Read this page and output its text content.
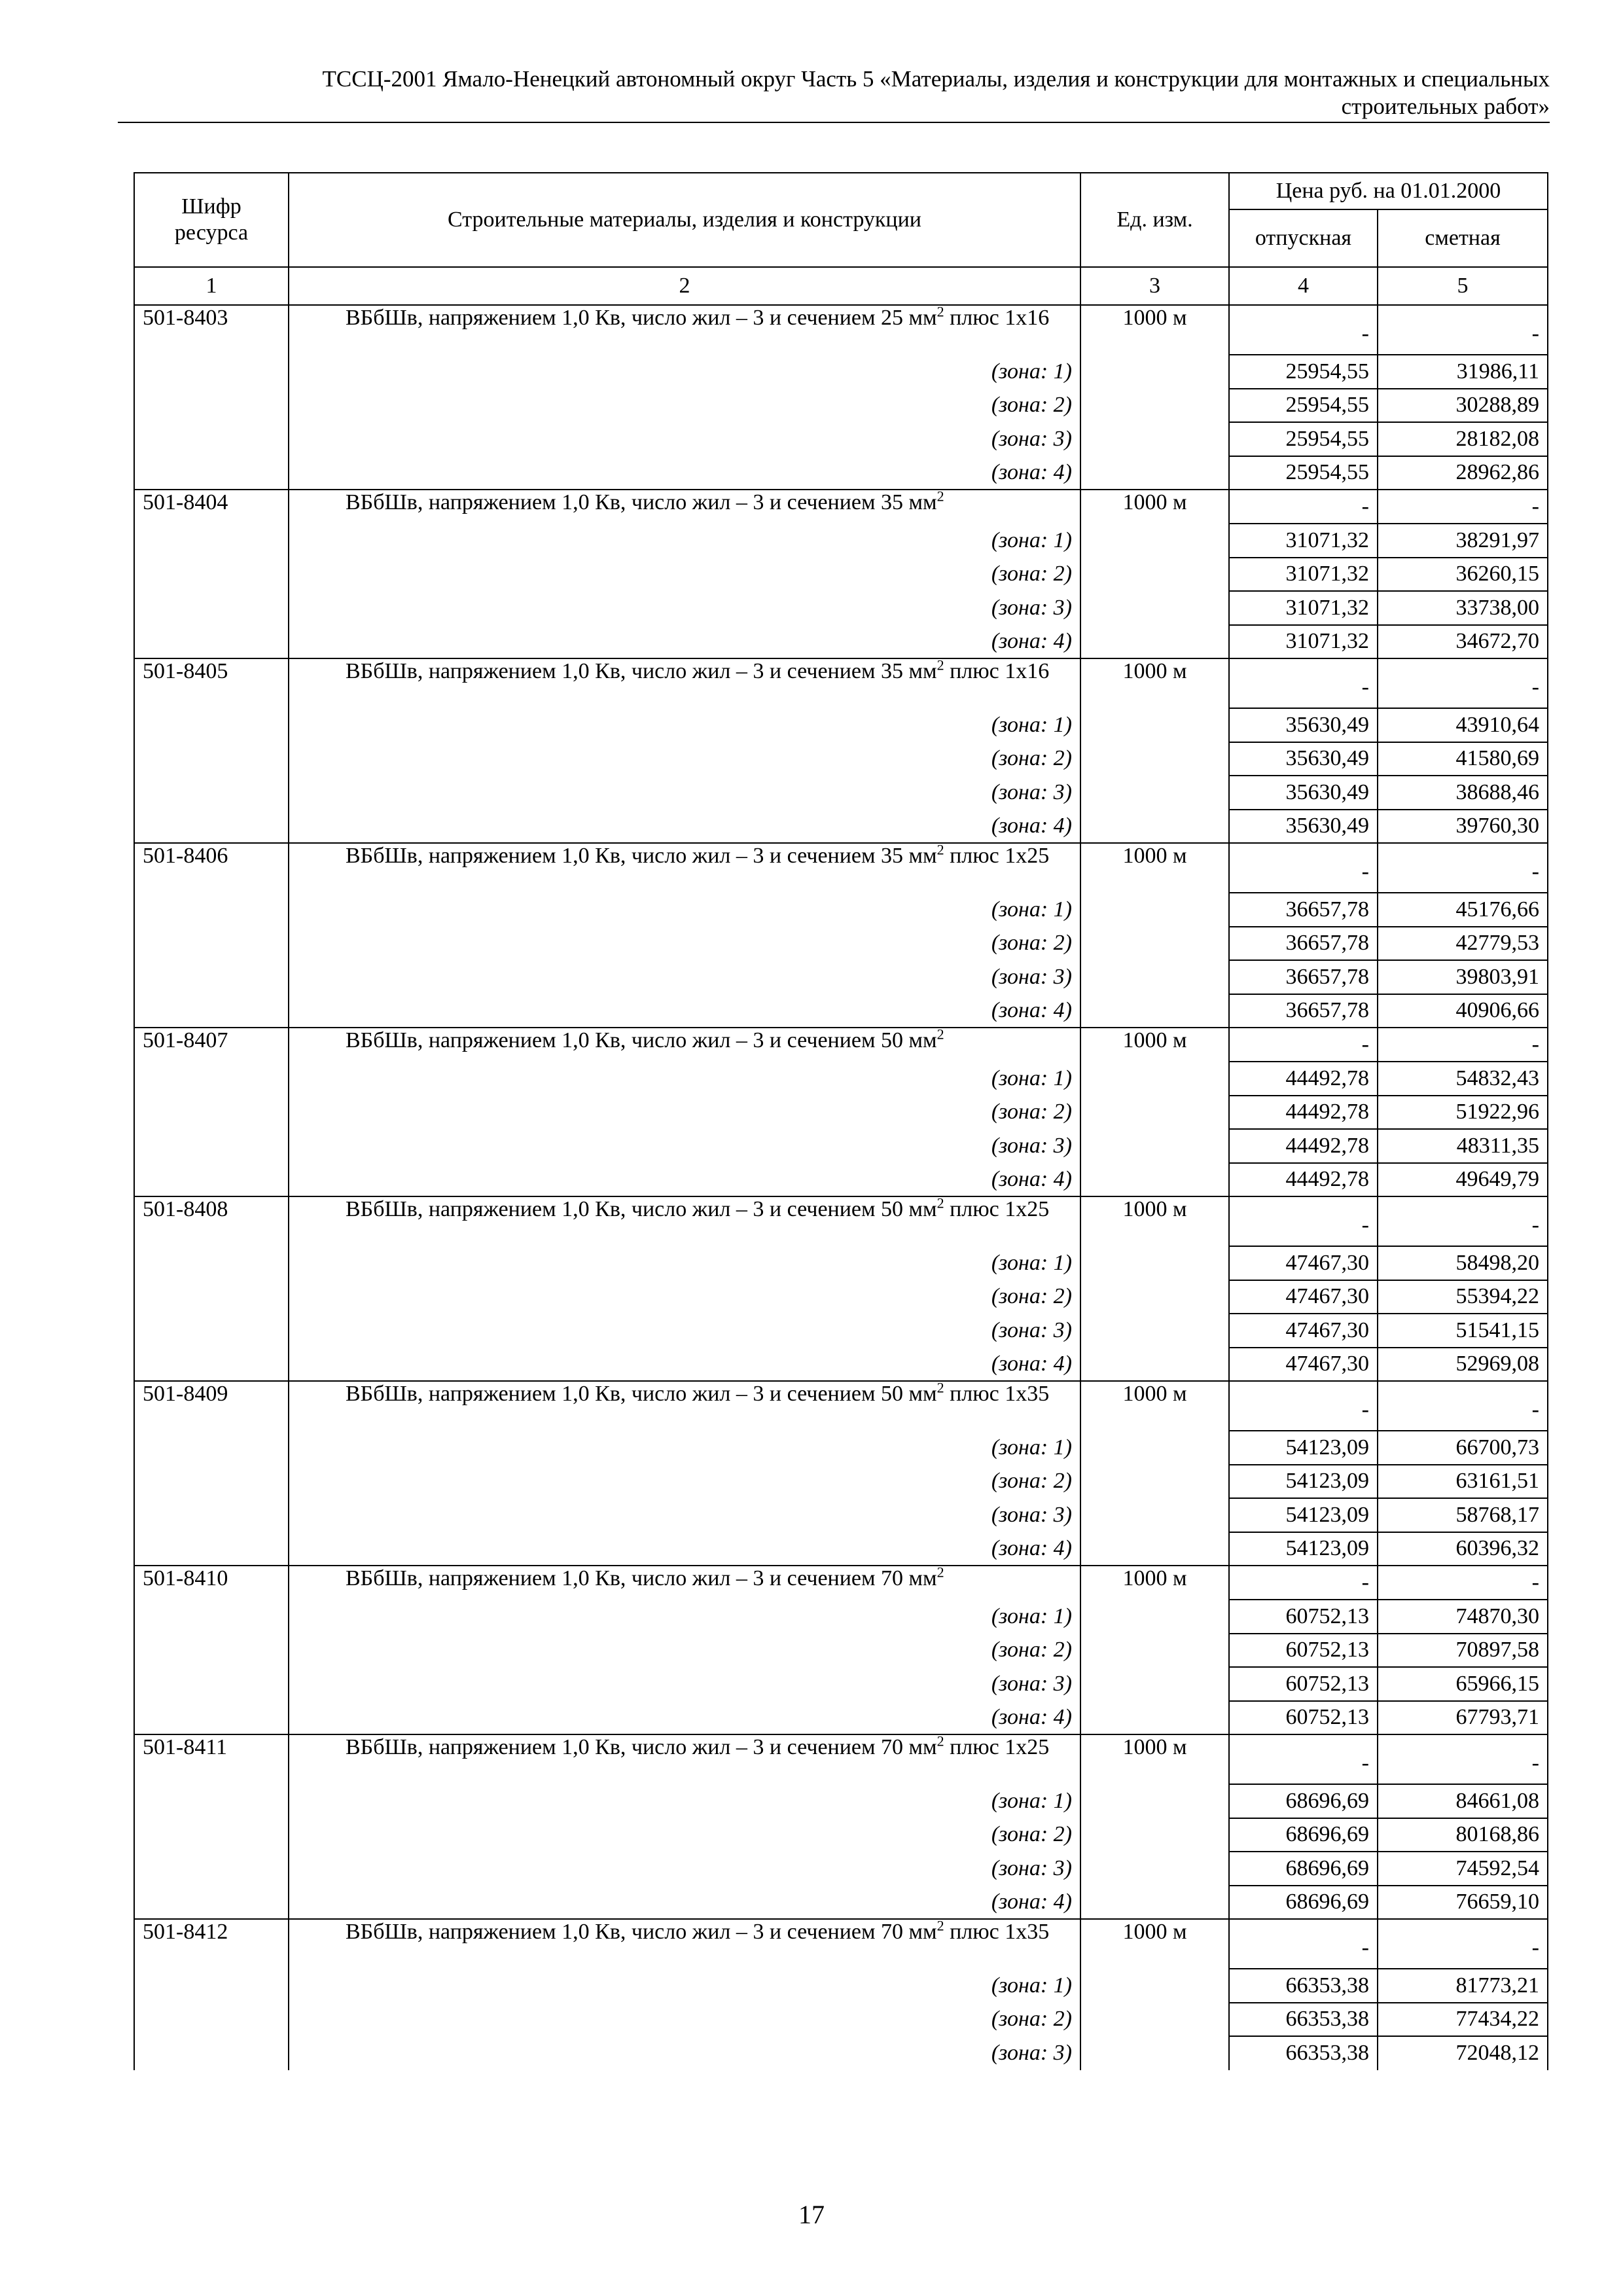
ТССЦ-2001 Ямало-Ненецкий автономный округ Часть 5 «Материалы, изделия и конструкции для монтажных и специальных
строительных работ»
Шифр ресурса	Строительные материалы, изделия и конструкции	Ед. изм.	Цена руб. на 01.01.2000	
			отпускная	сметная
1	2	3	4	5
501-8403	ВБбШв, напряжением 1,0 Кв, число жил – 3 и сечением 25 $мм^2$ плюс 1х16	1000 м	-	-
	(зона: 1)		25954,55	31986,11
	(зона: 2)		25954,55	30288,89
	(зона: 3)		25954,55	28182,08
	(зона: 4)		25954,55	28962,86
501-8404	ВБбШв, напряжением 1,0 Кв, число жил – 3 и сечением 35 $мм^2$	1000 м	-	-
	(зона: 1)		31071,32	38291,97
	(зона: 2)		31071,32	36260,15
	(зона: 3)		31071,32	33738,00
	(зона: 4)		31071,32	34672,70
501-8405	ВБбШв, напряжением 1,0 Кв, число жил – 3 и сечением 35 $мм^2$ плюс 1х16	1000 м	-	-
	(зона: 1)		35630,49	43910,64
	(зона: 2)		35630,49	41580,69
	(зона: 3)		35630,49	38688,46
	(зона: 4)		35630,49	39760,30
501-8406	ВБбШв, напряжением 1,0 Кв, число жил – 3 и сечением 35 $мм^2$ плюс 1х25	1000 м	-	-
	(зона: 1)		36657,78	45176,66
	(зона: 2)		36657,78	42779,53
	(зона: 3)		36657,78	39803,91
	(зона: 4)		36657,78	40906,66
501-8407	ВБбШв, напряжением 1,0 Кв, число жил – 3 и сечением 50 $мм^2$	1000 м	-	-
	(зона: 1)		44492,78	54832,43
	(зона: 2)		44492,78	51922,96
	(зона: 3)		44492,78	48311,35
	(зона: 4)		44492,78	49649,79
501-8408	ВБбШв, напряжением 1,0 Кв, число жил – 3 и сечением 50 $мм^2$ плюс 1х25	1000 м	-	-
	(зона: 1)		47467,30	58498,20
	(зона: 2)		47467,30	55394,22
	(зона: 3)		47467,30	51541,15
	(зона: 4)		47467,30	52969,08
501-8409	ВБбШв, напряжением 1,0 Кв, число жил – 3 и сечением 50 $мм^2$ плюс 1х35	1000 м	-	-
	(зона: 1)		54123,09	66700,73
	(зона: 2)		54123,09	63161,51
	(зона: 3)		54123,09	58768,17
	(зона: 4)		54123,09	60396,32
501-8410	ВБбШв, напряжением 1,0 Кв, число жил – 3 и сечением 70 $мм^2$	1000 м	-	-
	(зона: 1)		60752,13	74870,30
	(зона: 2)		60752,13	70897,58
	(зона: 3)		60752,13	65966,15
	(зона: 4)		60752,13	67793,71
501-8411	ВБбШв, напряжением 1,0 Кв, число жил – 3 и сечением 70 $мм^2$ плюс 1х25	1000 м	-	-
	(зона: 1)		68696,69	84661,08
	(зона: 2)		68696,69	80168,86
	(зона: 3)		68696,69	74592,54
	(зона: 4)		68696,69	76659,10
501-8412	ВБбШв, напряжением 1,0 Кв, число жил – 3 и сечением 70 $мм^2$ плюс 1х35	1000 м	-	-
	(зона: 1)		66353,38	81773,21
	(зона: 2)		66353,38	77434,22
	(зона: 3)		66353,38	72048,12
17
